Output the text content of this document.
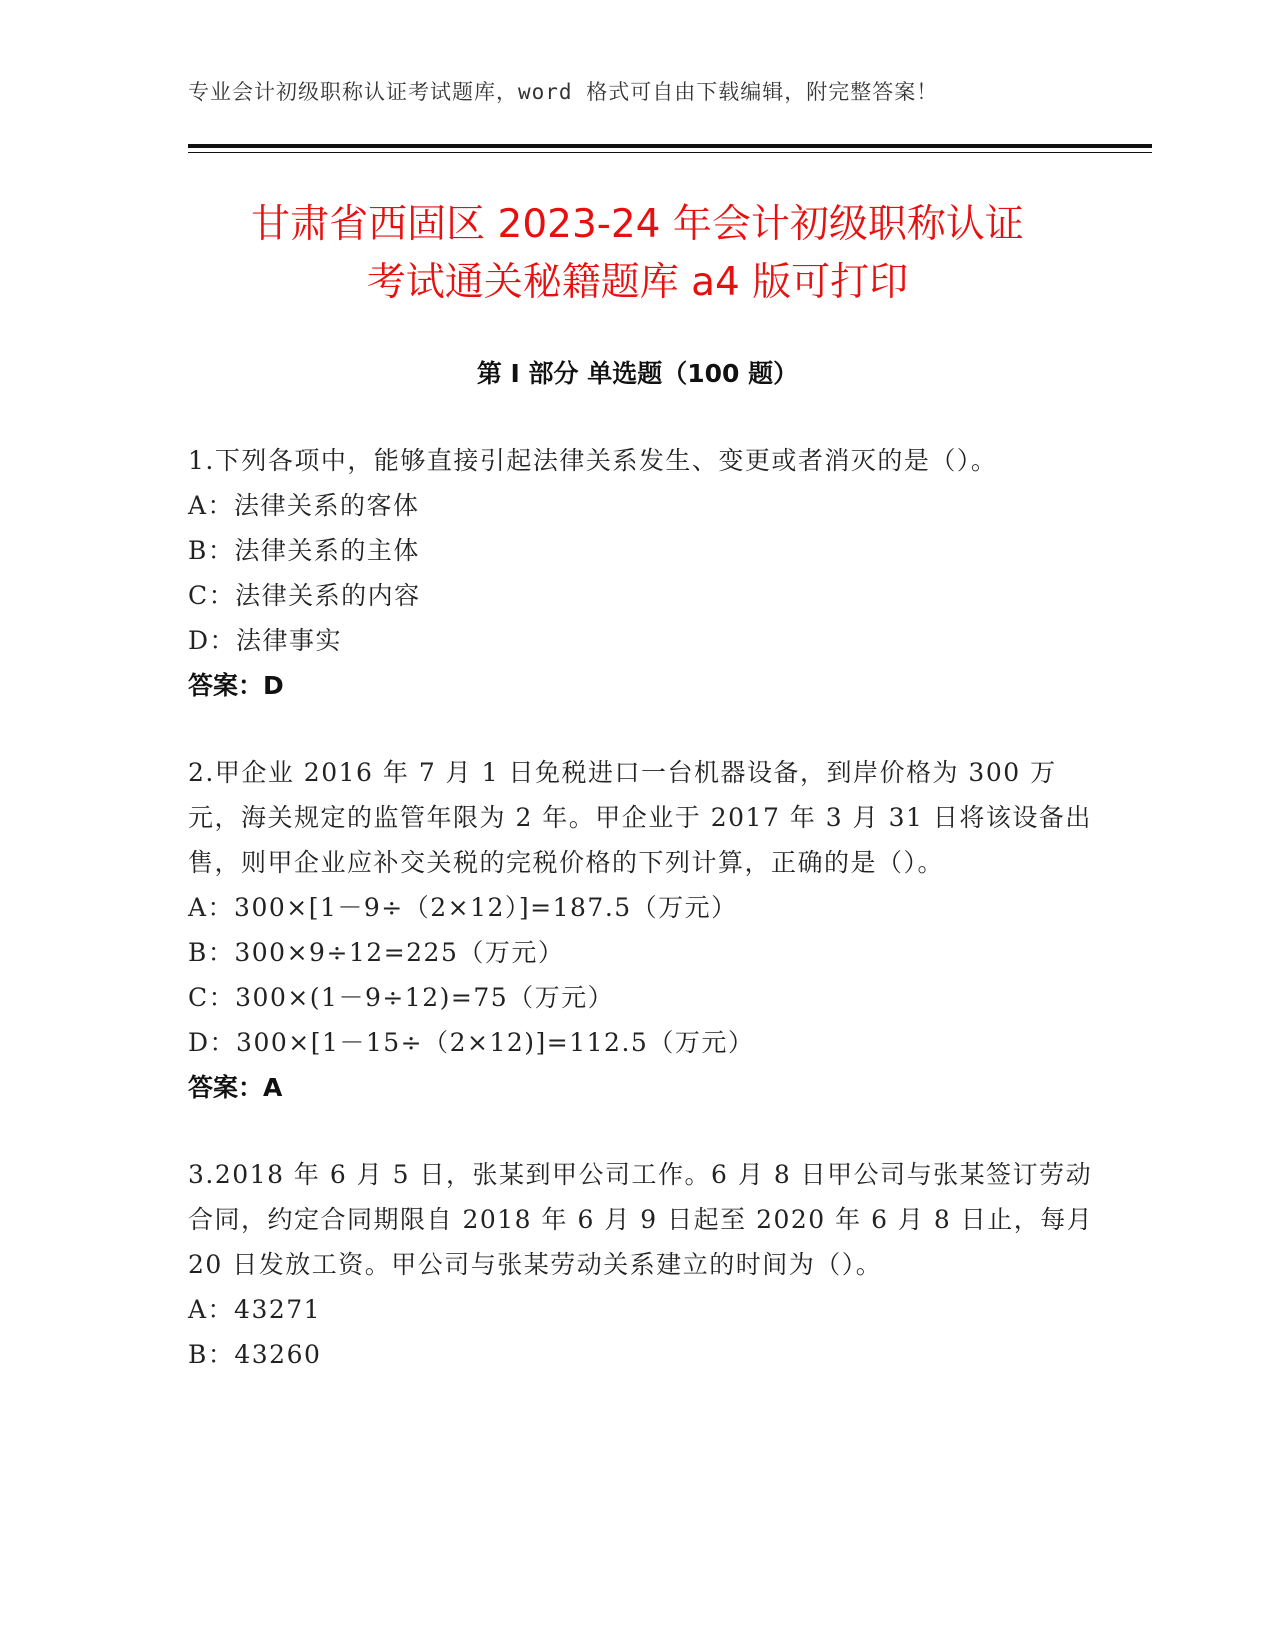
专业会计初级职称认证考试题库，word 格式可自由下载编辑，附完整答案！
甘肃省西固区 2023-24 年会计初级职称认证
考试通关秘籍题库 a4 版可打印
第 I 部分 单选题（100 题）

1.下列各项中，能够直接引起法律关系发生、变更或者消灭的是（）。

A：法律关系的客体
B：法律关系的主体
C：法律关系的内容
D：法律事实
答案：D

2.甲企业 2016 年 7 月 1 日免税进口一台机器设备，到岸价格为 300 万元，海关规定的监管年限为 2 年。甲企业于 2017 年 3 月 31 日将该设备出售，则甲企业应补交关税的完税价格的下列计算，正确的是（）。

A：300×[1－9÷（2×12）]=187.5（万元）
B：300×9÷12=225（万元）
C：300×(1－9÷12)=75（万元）
D：300×[1－15÷（2×12)]=112.5（万元）
答案：A

3.2018 年 6 月 5 日，张某到甲公司工作。6 月 8 日甲公司与张某签订劳动合同，约定合同期限自 2018 年 6 月 9 日起至 2020 年 6 月 8 日止，每月 20 日发放工资。甲公司与张某劳动关系建立的时间为（）。

A：43271
B：43260
